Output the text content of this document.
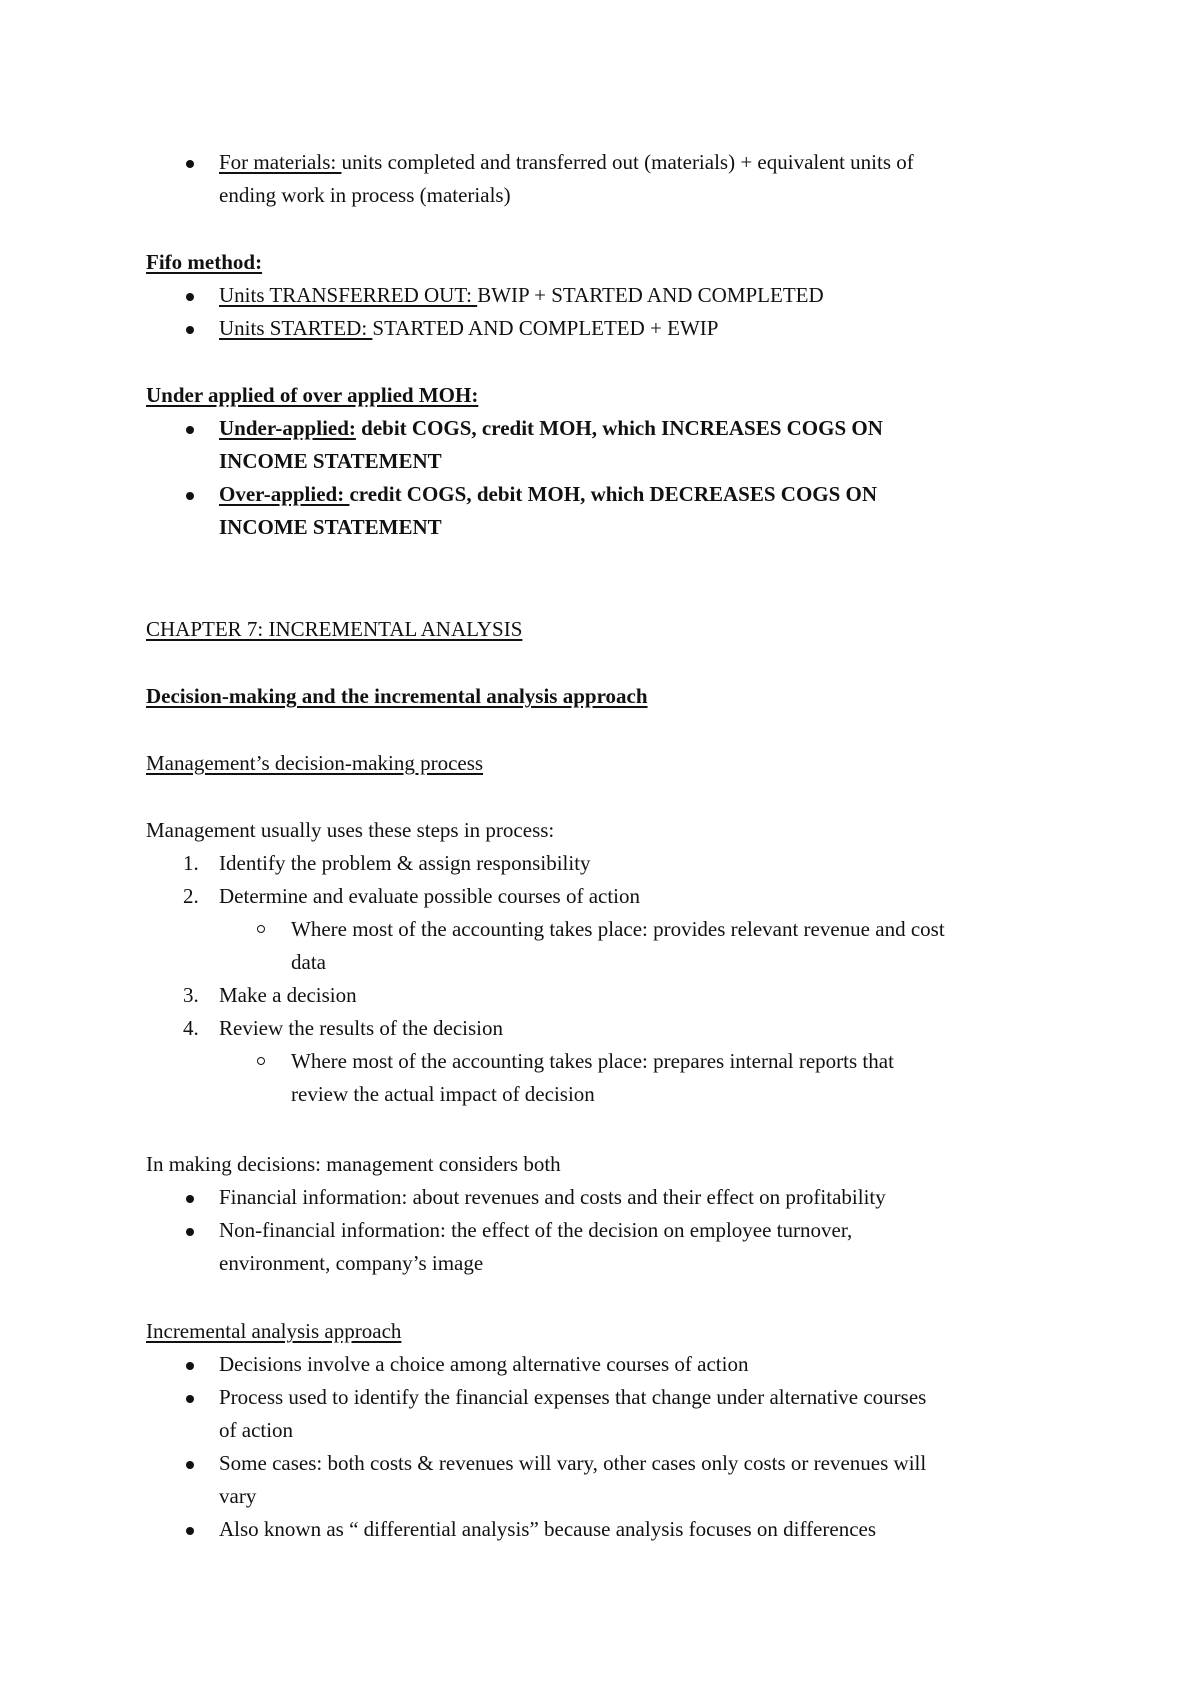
For materials: units completed and transferred out (materials) + equivalent units of
ending work in process (materials)
Fifo method:
Units TRANSFERRED OUT: BWIP + STARTED AND COMPLETED
Units STARTED: STARTED AND COMPLETED + EWIP
Under applied of over applied MOH:
Under-applied: debit COGS, credit MOH, which INCREASES COGS ON
INCOME STATEMENT
Over-applied: credit COGS, debit MOH, which DECREASES COGS ON
INCOME STATEMENT
CHAPTER 7: INCREMENTAL ANALYSIS
Decision-making and the incremental analysis approach
Management’s decision-making process
Management usually uses these steps in process:
1. Identify the problem & assign responsibility
2. Determine and evaluate possible courses of action
Where most of the accounting takes place: provides relevant revenue and cost
data
3. Make a decision
4. Review the results of the decision
Where most of the accounting takes place: prepares internal reports that
review the actual impact of decision
In making decisions: management considers both
Financial information: about revenues and costs and their effect on profitability
Non-financial information: the effect of the decision on employee turnover,
environment, company’s image
Incremental analysis approach
Decisions involve a choice among alternative courses of action
Process used to identify the financial expenses that change under alternative courses
of action
Some cases: both costs & revenues will vary, other cases only costs or revenues will
vary
Also known as “ differential analysis” because analysis focuses on differences
